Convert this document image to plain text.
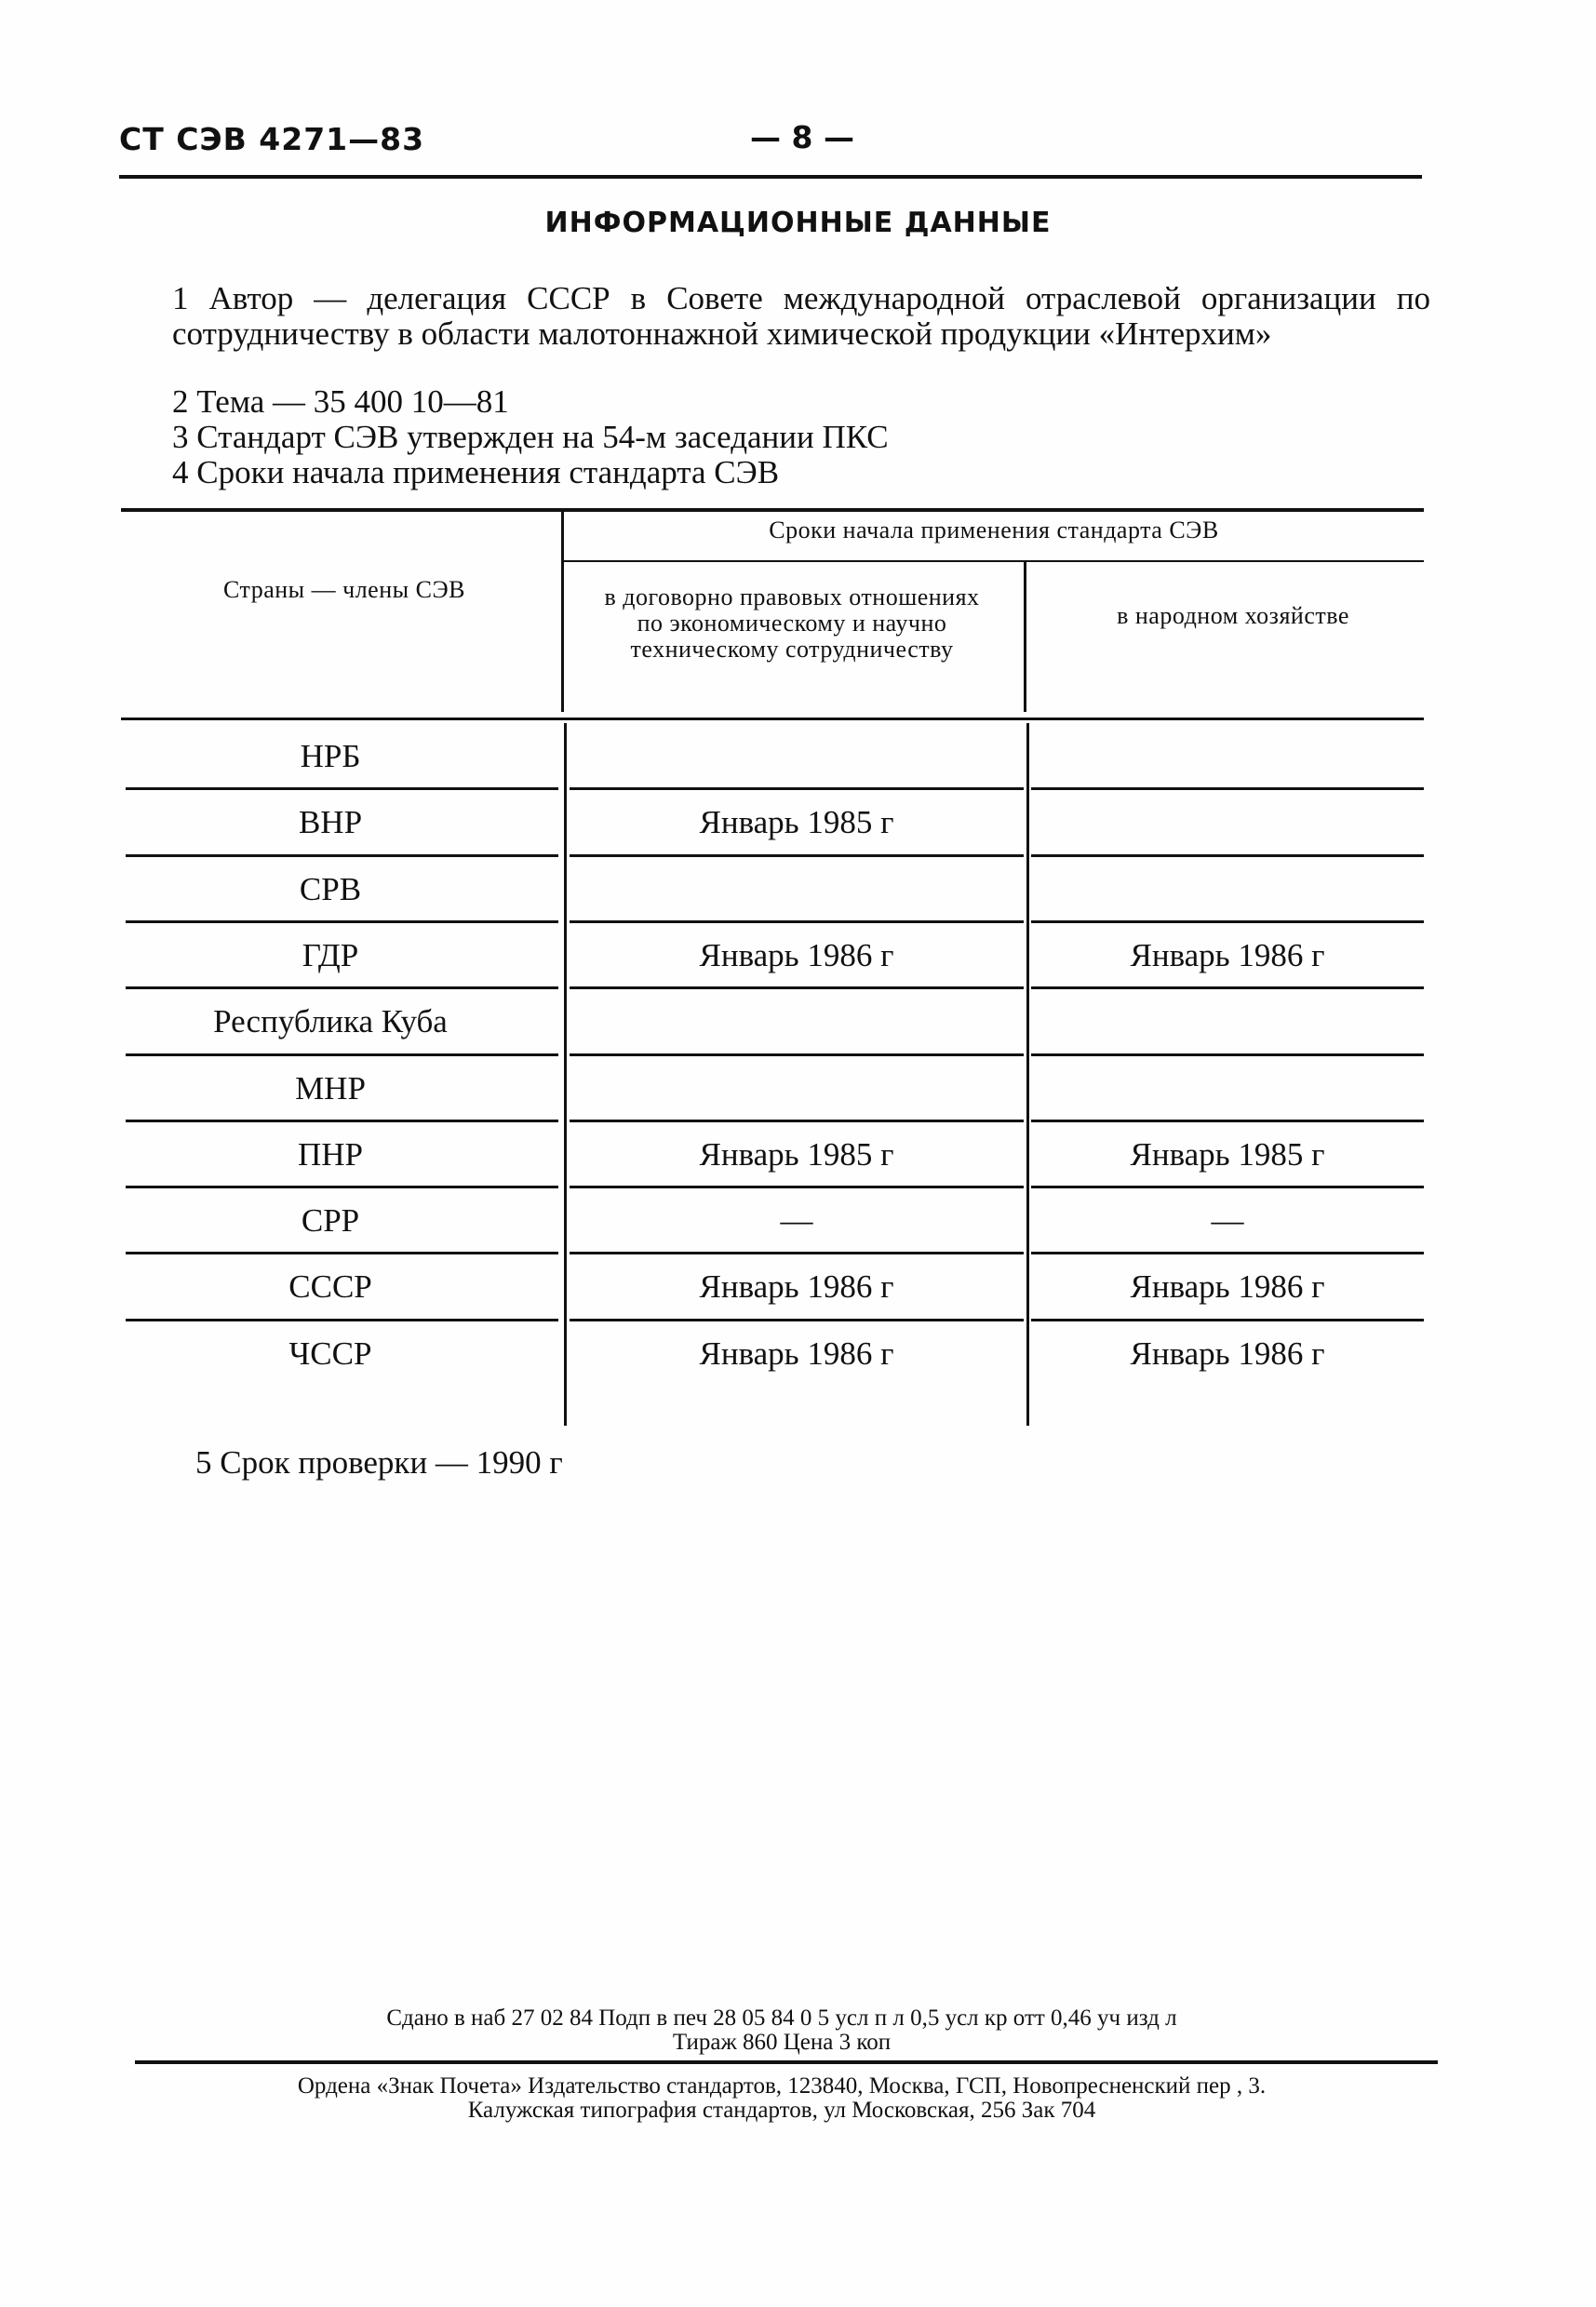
СТ СЭВ 4271—83	— 8 —
ИНФОРМАЦИОННЫЕ ДАННЫЕ
1 Автор — делегация СССР в Совете международной отраслевой организации по сотрудничеству в области малотоннажной химической продукции «Интерхим»
2 Тема — 35 400 10—81
3 Стандарт СЭВ утвержден на 54-м заседании ПКС
4 Сроки начала применения стандарта СЭВ
Страны — члены СЭВ
Сроки начала применения стандарта СЭВ
в договорно правовых отношениях по экономическому и научно техническому сотрудничеству
в народном хозяйстве
НРБ
ВНР	Январь 1985 г
СРВ
ГДР	Январь 1986 г	Январь 1986 г
Республика Куба
МНР
ПНР	Январь 1985 г	Январь 1985 г
СРР	—	—
СССР	Январь 1986 г	Январь 1986 г
ЧССР	Январь 1986 г	Январь 1986 г
5 Срок проверки — 1990 г
Сдано в наб 27 02 84 Подп в печ 28 05 84 0 5 усл п л 0,5 усл кр отт 0,46 уч изд л
Тираж 860 Цена 3 коп
Ордена «Знак Почета» Издательство стандартов, 123840, Москва, ГСП, Новопресненский пер , 3.
Калужская типография стандартов, ул Московская, 256 Зак 704
